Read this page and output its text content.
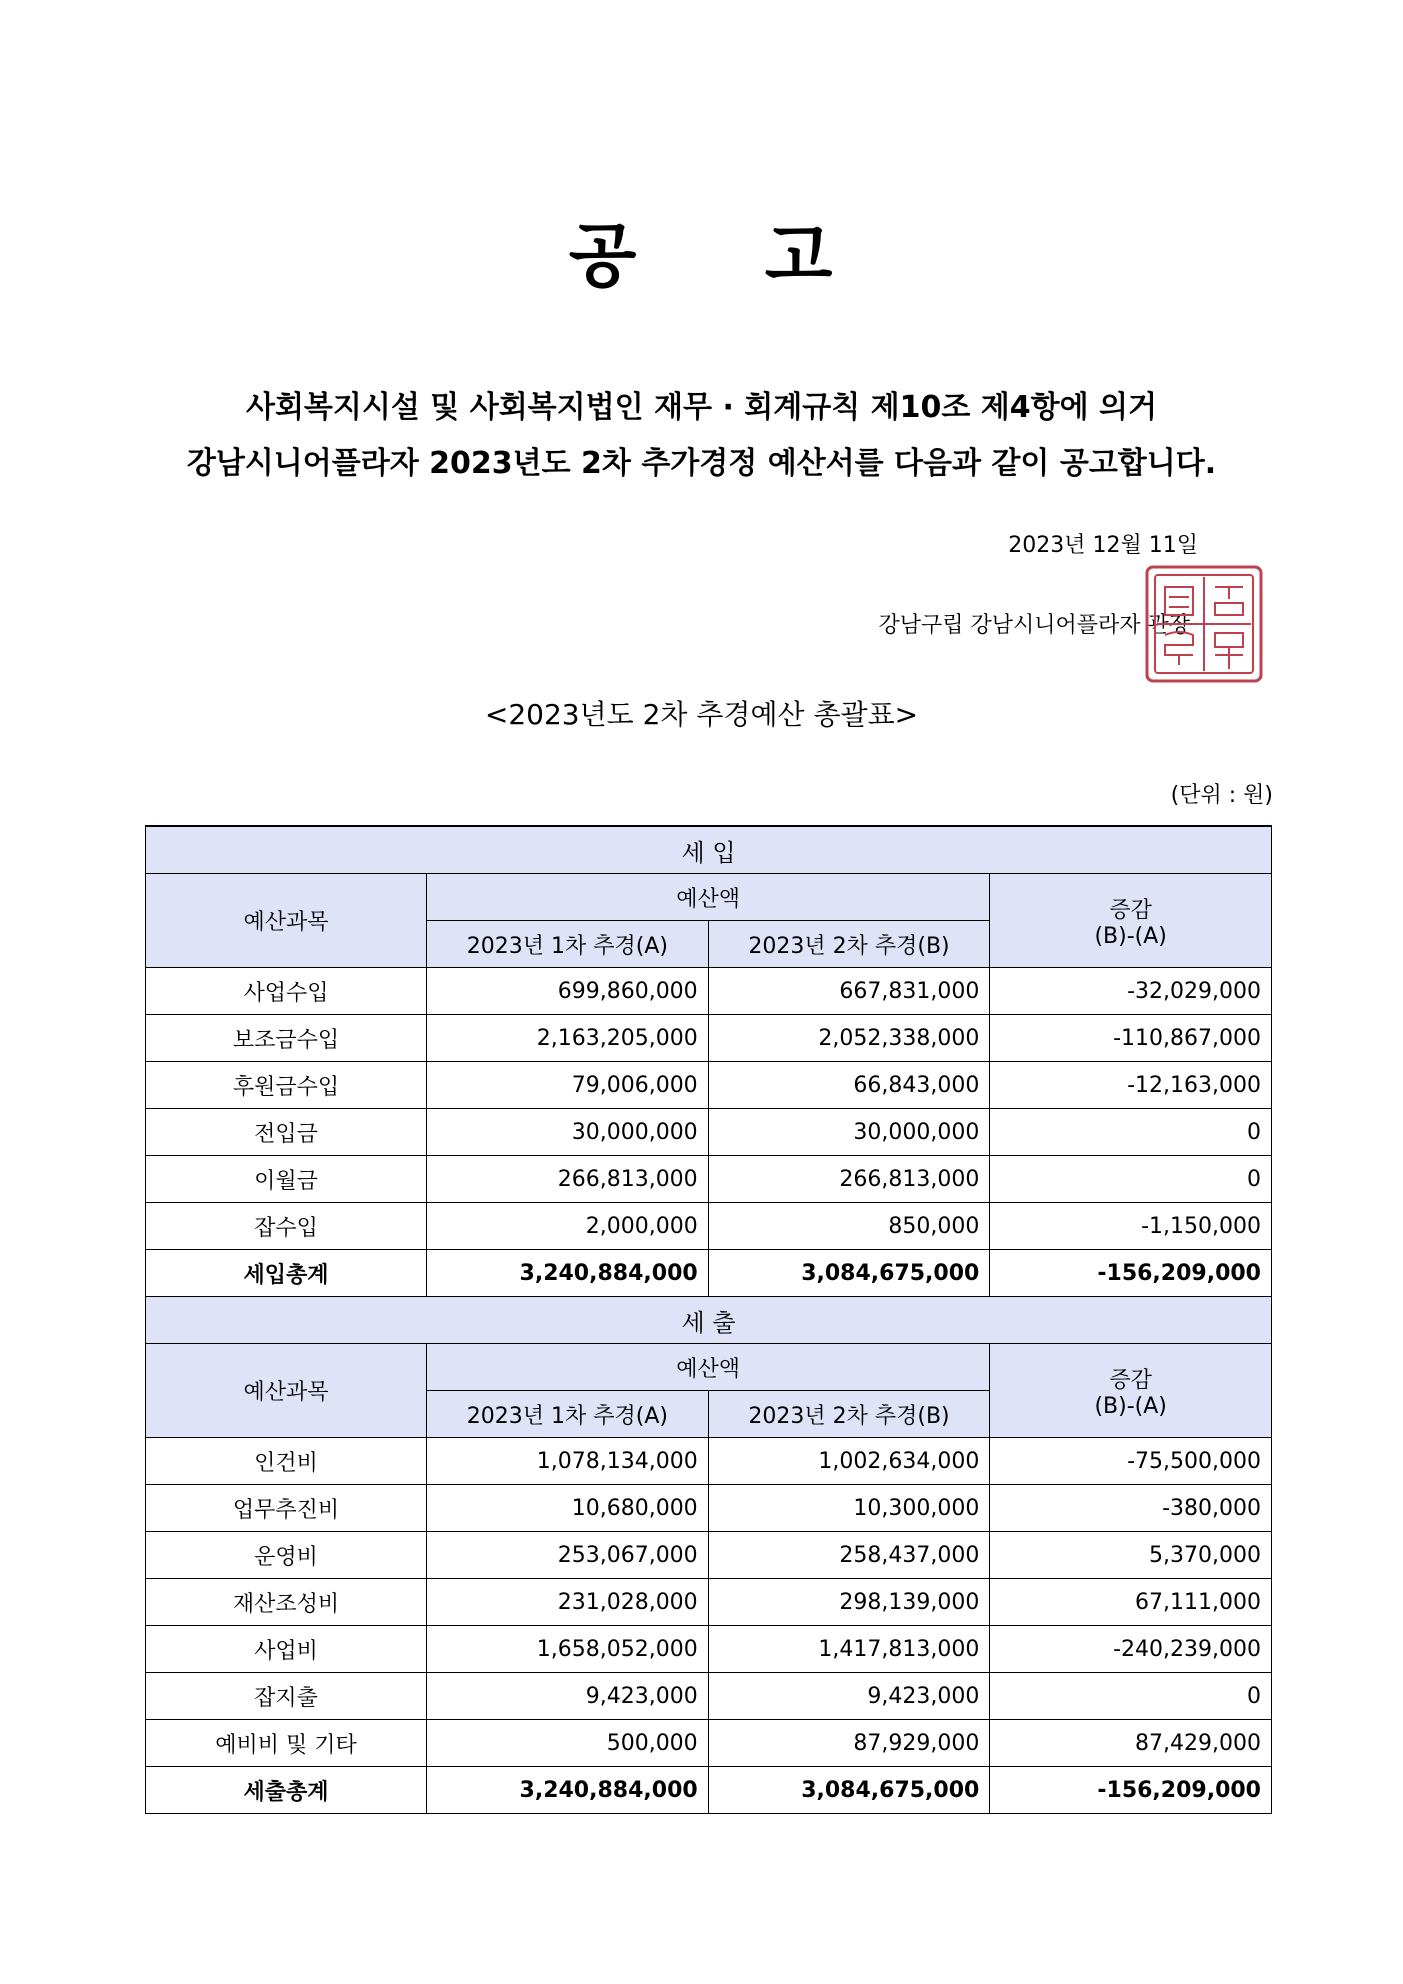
공 고
사회복지시설 및 사회복지법인 재무 · 회계규칙 제10조 제4항에 의거
강남시니어플라자 2023년도 2차 추가경정 예산서를 다음과 같이 공고합니다.
2023년 12월 11일
강남구립 강남시니어플라자 관장
<2023년도 2차 추경예산 총괄표>
(단위 : 원)
세 입			
예산과목	예산액		증감
(B)-(A)

	2023년 1차 추경(A)	2023년 2차 추경(B)	
사업수입	699,860,000	667,831,000	-32,029,000
보조금수입	2,163,205,000	2,052,338,000	-110,867,000
후원금수입	79,006,000	66,843,000	-12,163,000
전입금	30,000,000	30,000,000	0
이월금	266,813,000	266,813,000	0
잡수입	2,000,000	850,000	-1,150,000
세입총계	3,240,884,000	3,084,675,000	-156,209,000
세 출			
예산과목	예산액		증감
(B)-(A)

	2023년 1차 추경(A)	2023년 2차 추경(B)	
인건비	1,078,134,000	1,002,634,000	-75,500,000
업무추진비	10,680,000	10,300,000	-380,000
운영비	253,067,000	258,437,000	5,370,000
재산조성비	231,028,000	298,139,000	67,111,000
사업비	1,658,052,000	1,417,813,000	-240,239,000
잡지출	9,423,000	9,423,000	0
예비비 및 기타	500,000	87,929,000	87,429,000
세출총계	3,240,884,000	3,084,675,000	-156,209,000
